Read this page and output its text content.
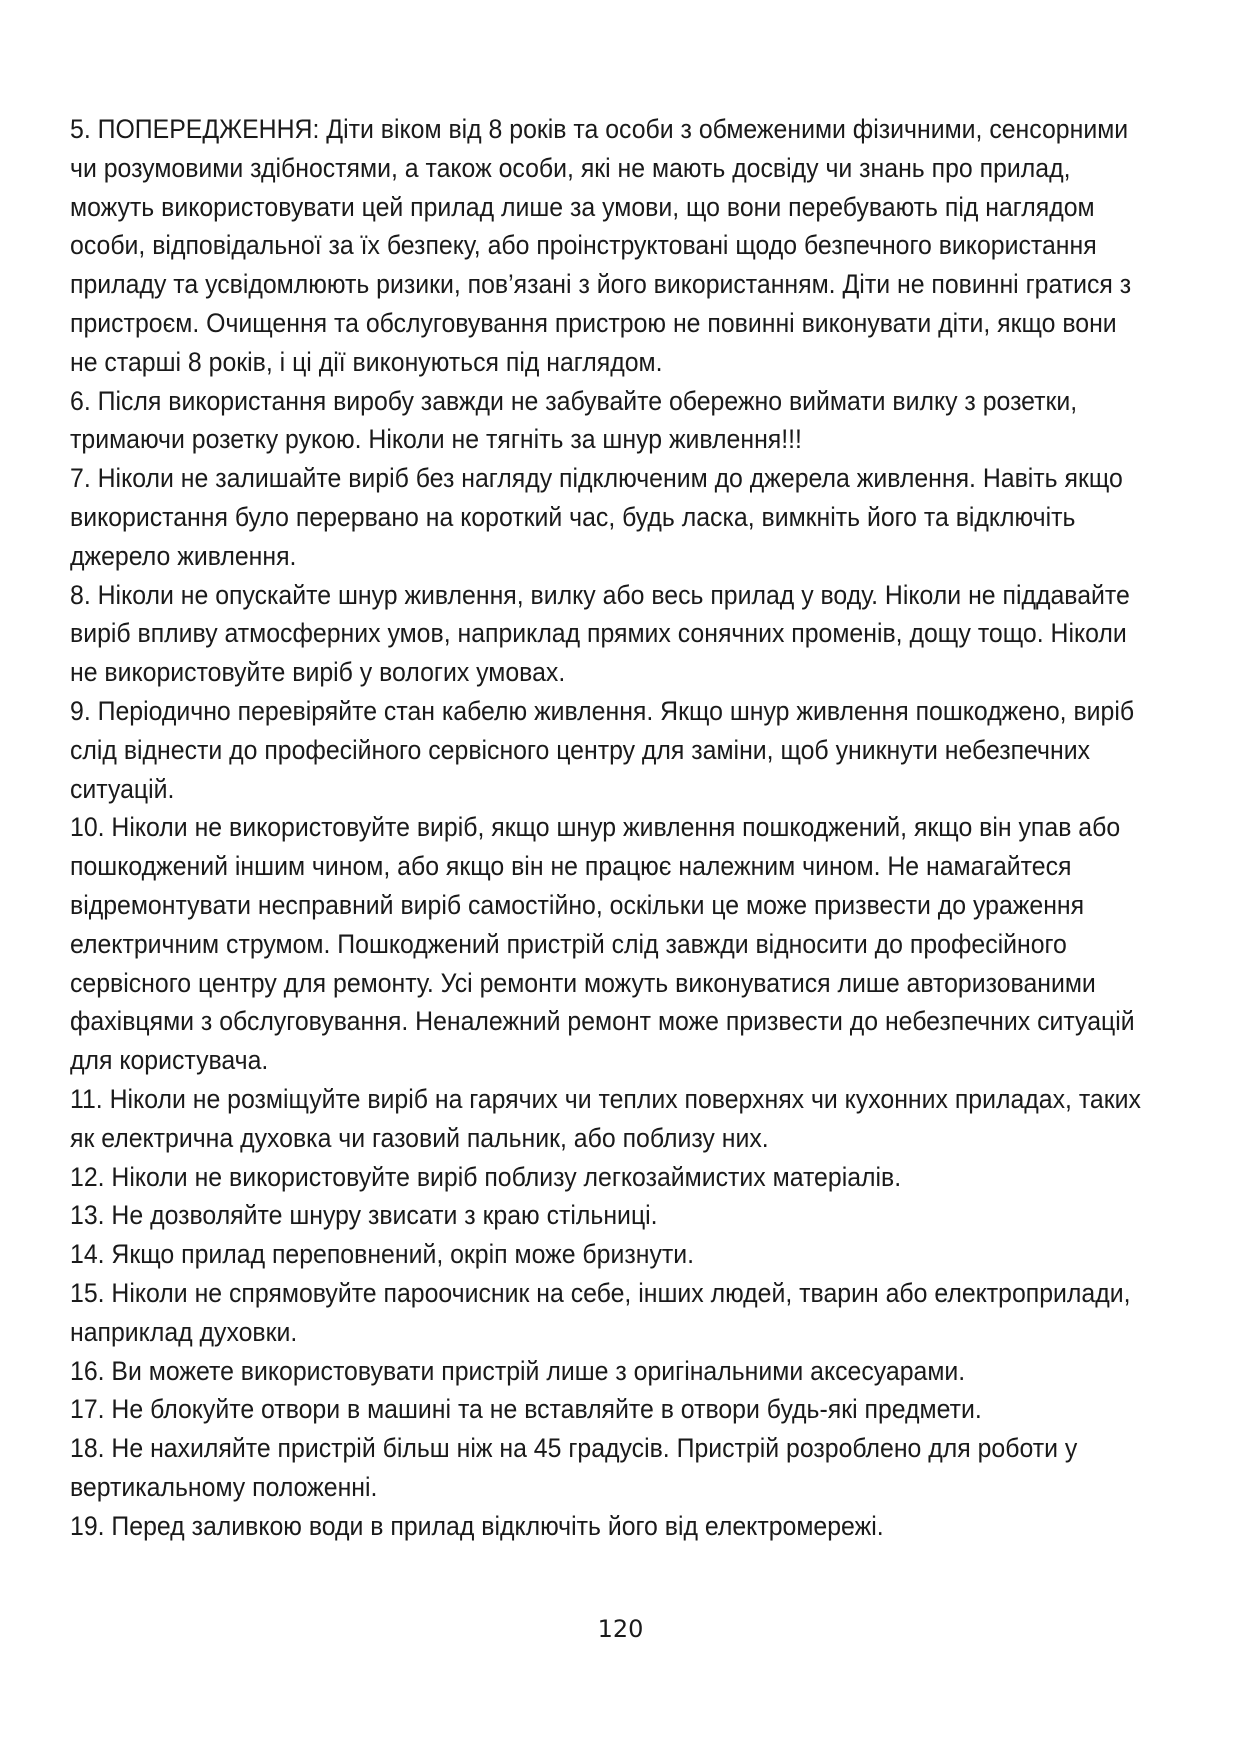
5. ПОПЕРЕДЖЕННЯ: Діти віком від 8 років та особи з обмеженими фізичними, сенсорними чи розумовими здібностями, а також особи, які не мають досвіду чи знань про прилад, можуть використовувати цей прилад лише за умови, що вони перебувають під наглядом особи, відповідальної за їх безпеку, або проінструктовані щодо безпечного використання приладу та усвідомлюють ризики, пов’язані з його використанням. Діти не повинні гратися з пристроєм. Очищення та обслуговування пристрою не повинні виконувати діти, якщо вони не старші 8 років, і ці дії виконуються під наглядом.

6. Після використання виробу завжди не забувайте обережно виймати вилку з розетки, тримаючи розетку рукою. Ніколи не тягніть за шнур живлення!!!

7. Ніколи не залишайте виріб без нагляду підключеним до джерела живлення. Навіть якщо використання було перервано на короткий час, будь ласка, вимкніть його та відключіть джерело живлення.

8. Ніколи не опускайте шнур живлення, вилку або весь прилад у воду. Ніколи не піддавайте виріб впливу атмосферних умов, наприклад прямих сонячних променів, дощу тощо. Ніколи не використовуйте виріб у вологих умовах.

9. Періодично перевіряйте стан кабелю живлення. Якщо шнур живлення пошкоджено, виріб слід віднести до професійного сервісного центру для заміни, щоб уникнути небезпечних ситуацій.

10. Ніколи не використовуйте виріб, якщо шнур живлення пошкоджений, якщо він упав або пошкоджений іншим чином, або якщо він не працює належним чином. Не намагайтеся відремонтувати несправний виріб самостійно, оскільки це може призвести до ураження електричним струмом. Пошкоджений пристрій слід завжди відносити до професійного сервісного центру для ремонту. Усі ремонти можуть виконуватися лише авторизованими фахівцями з обслуговування. Неналежний ремонт може призвести до небезпечних ситуацій для користувача.

11. Ніколи не розміщуйте виріб на гарячих чи теплих поверхнях чи кухонних приладах, таких як електрична духовка чи газовий пальник, або поблизу них.

12. Ніколи не використовуйте виріб поблизу легкозаймистих матеріалів.

13. Не дозволяйте шнуру звисати з краю стільниці.

14. Якщо прилад переповнений, окріп може бризнути.

15. Ніколи не спрямовуйте пароочисник на себе, інших людей, тварин або електроприлади, наприклад духовки.

16. Ви можете використовувати пристрій лише з оригінальними аксесуарами.

17. Не блокуйте отвори в машині та не вставляйте в отвори будь-які предмети.

18. Не нахиляйте пристрій більш ніж на 45 градусів. Пристрій розроблено для роботи у вертикальному положенні.

19. Перед заливкою води в прилад відключіть його від електромережі.

120
